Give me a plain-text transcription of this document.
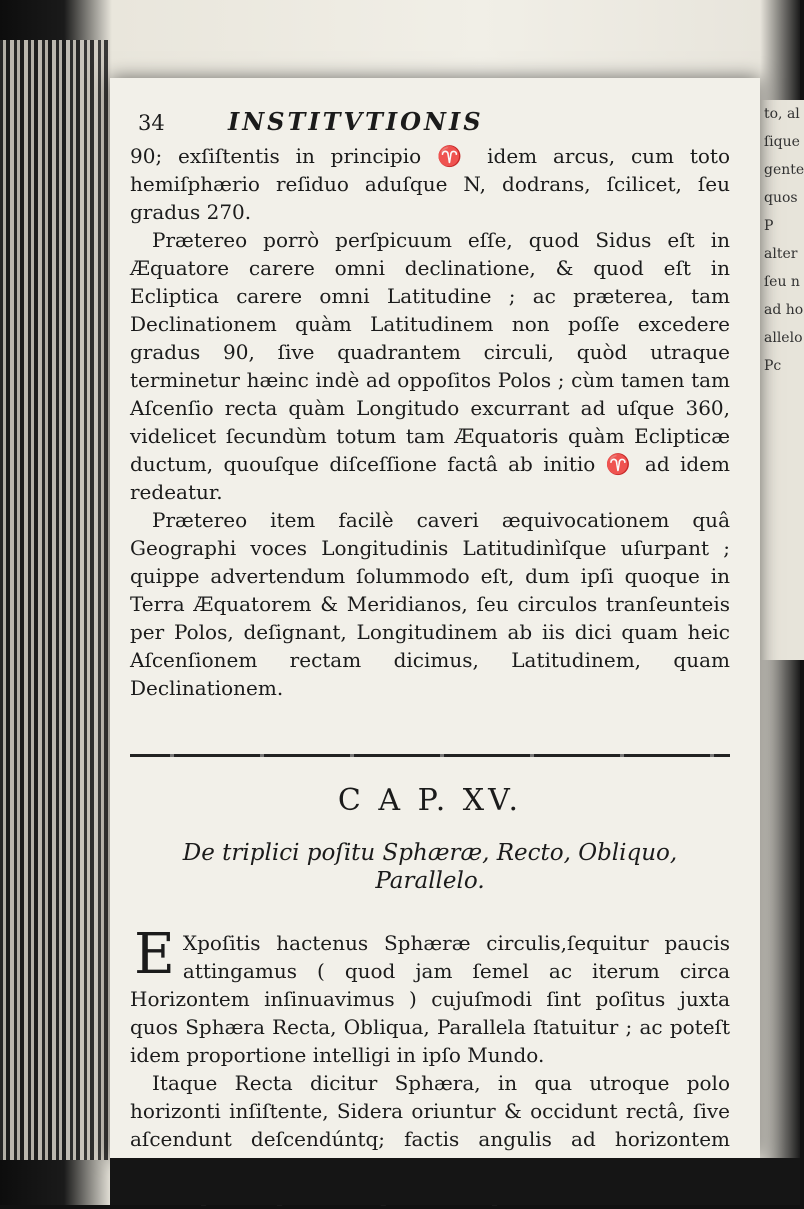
to, al
ſique
gente
quos
P
alter
ſeu n
ad ho
allelo
Pc
34	INSTITVTIONIS

90; exſiſtentis in principio ♈ idem arcus, cum toto hemiſphærio reſiduo aduſque N, dodrans, ſcilicet, ſeu gradus 270.

Prætereo porrò perſpicuum eſſe, quod Sidus eſt in Æquatore carere omni declinatione, & quod eſt in Ecliptica carere omni Latitudine ; ac præterea, tam Declinationem quàm Latitudinem non poſſe excedere gradus 90, ſive quadrantem circuli, quòd utraque terminetur hæinc indè ad oppoſitos Polos ; cùm tamen tam Aſcenſio recta quàm Longitudo excurrant ad uſque 360, videlicet ſecundùm totum tam Æquatoris quàm Eclipticæ ductum, quouſque diſceſſione factâ ab initio ♈ ad idem redeatur.

Prætereo item facilè caveri æquivocationem quâ Geographi voces Longitudinis Latitudinìſque uſurpant ; quippe advertendum ſolummodo eſt, dum ipſi quoque in Terra Æquatorem & Meridianos, ſeu circulos tranſeunteis per Polos, deſignant, Longitudinem ab iis dici quam heic Aſcenſionem rectam dicimus, Latitudinem, quam Declinationem.

C A P. XV.
De triplici poſitu Sphæræ, Recto, Obliquo, Parallelo.

E Xpoſitis hactenus Sphæræ circulis,ſequitur paucis attingamus ( quod jam ſemel ac iterum circa Horizontem inſinuavimus ) cujuſmodi ſint poſitus juxta quos Sphæra Recta, Obliqua, Parallela ſtatuitur ; ac poteſt idem proportione intelligi in ipſo Mundo.

Itaque Recta dicitur Sphæra, in qua utroque polo horizonti inſiſtente, Sidera oriuntur & occidunt rectâ, ſive aſcendunt deſcendúntq; factis angulis ad horizontem
